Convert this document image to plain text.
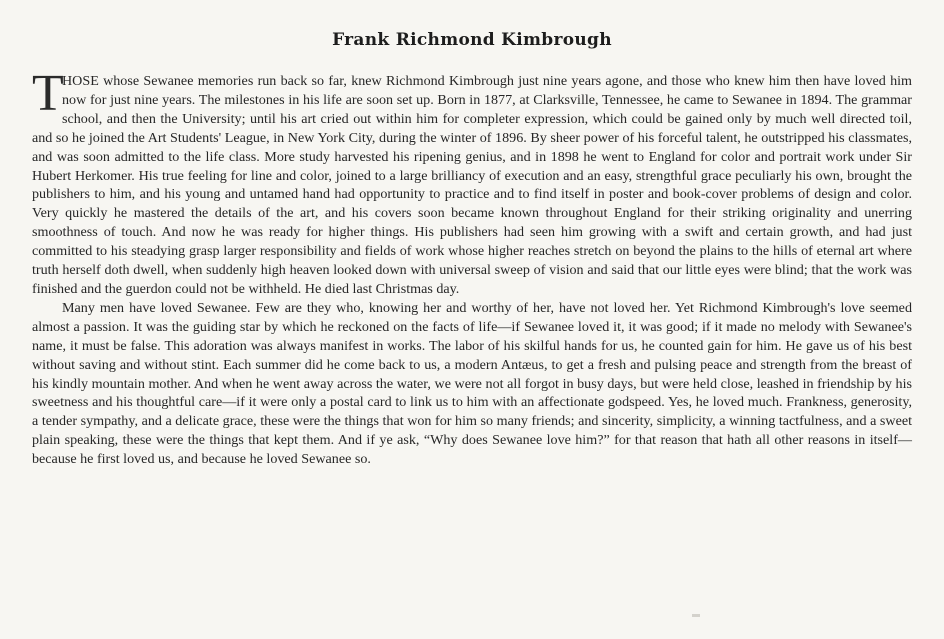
Frank Richmond Kimbrough

T
HOSE whose Sewanee memories run back so far, knew Richmond Kimbrough just nine years agone, and those who knew him then have loved him now for just nine years. The milestones in his life are soon set up. Born in 1877, at Clarksville, Tennessee, he came to Sewanee in 1894. The grammar school, and then the University; until his art cried out within him for completer expression, which could be gained only by much well directed toil, and so he joined the Art Students' League, in New York City, during the winter of 1896. By sheer power of his forceful talent, he outstripped his classmates, and was soon admitted to the life class. More study harvested his ripening genius, and in 1898 he went to England for color and portrait work under Sir Hubert Herkomer. His true feeling for line and color, joined to a large brilliancy of execution and an easy, strengthful grace peculiarly his own, brought the publishers to him, and his young and untamed hand had opportunity to practice and to find itself in poster and book-cover problems of design and color. Very quickly he mastered the details of the art, and his covers soon became known throughout England for their striking originality and unerring smoothness of touch. And now he was ready for higher things. His publishers had seen him growing with a swift and certain growth, and had just committed to his steadying grasp larger responsibility and fields of work whose higher reaches stretch on beyond the plains to the hills of eternal art where truth herself doth dwell, when suddenly high heaven looked down with universal sweep of vision and said that our little eyes were blind; that the work was finished and the guerdon could not be withheld. He died last Christmas day.

Many men have loved Sewanee. Few are they who, knowing her and worthy of her, have not loved her. Yet Richmond Kimbrough's love seemed almost a passion. It was the guiding star by which he reckoned on the facts of life—if Sewanee loved it, it was good; if it made no melody with Sewanee's name, it must be false. This adoration was always manifest in works. The labor of his skilful hands for us, he counted gain for him. He gave us of his best without saving and without stint. Each summer did he come back to us, a modern Antæus, to get a fresh and pulsing peace and strength from the breast of his kindly mountain mother. And when he went away across the water, we were not all forgot in busy days, but were held close, leashed in friendship by his sweetness and his thoughtful care—if it were only a postal card to link us to him with an affectionate godspeed. Yes, he loved much. Frankness, generosity, a tender sympathy, and a delicate grace, these were the things that won for him so many friends; and sincerity, simplicity, a winning tactfulness, and a sweet plain speaking, these were the things that kept them. And if ye ask, “Why does Sewanee love him?” for that reason that hath all other reasons in itself—because he first loved us, and because he loved Sewanee so.
